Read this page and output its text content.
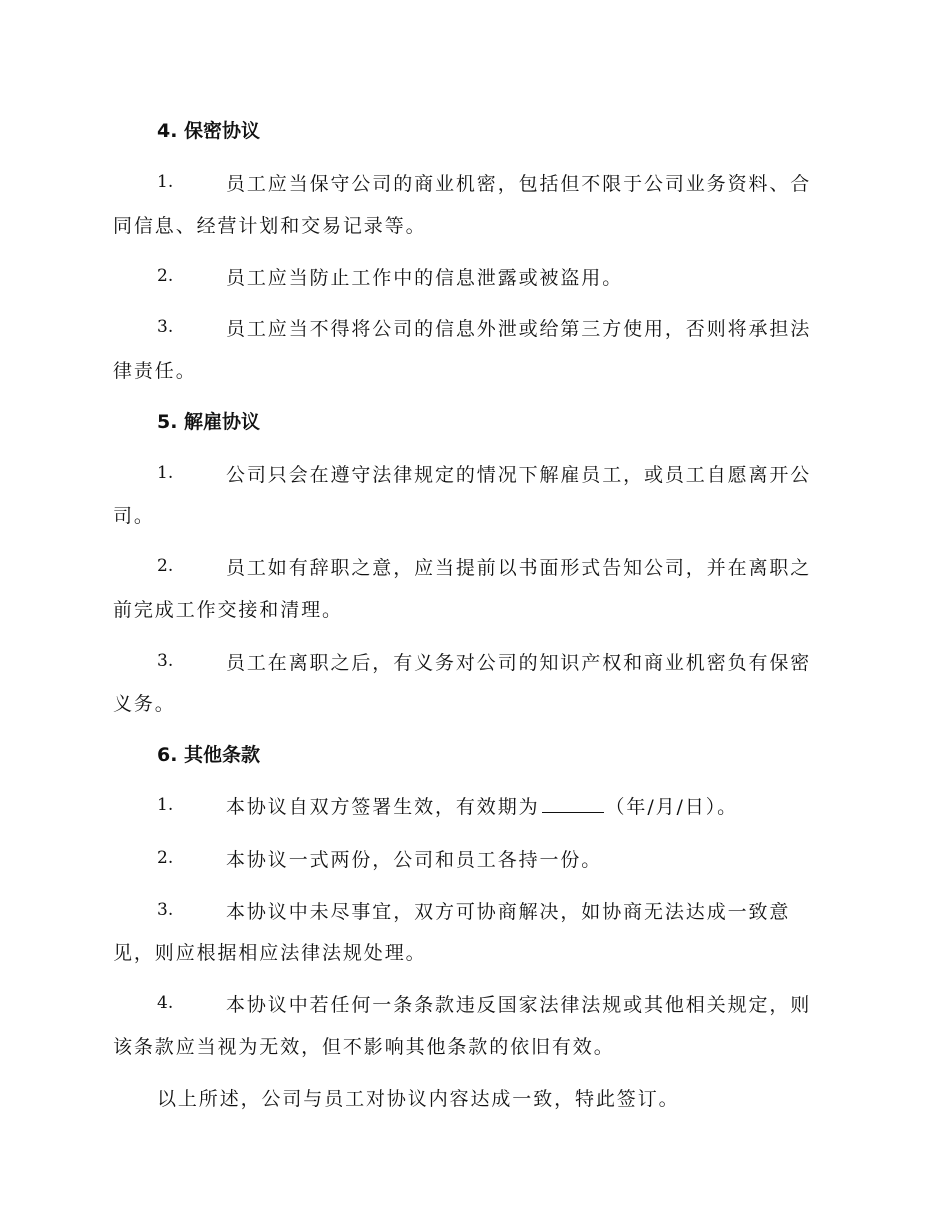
4. 保密协议
1.	员工应当保守公司的商业机密，包括但不限于公司业务资料、合
同信息、经营计划和交易记录等。
2.	员工应当防止工作中的信息泄露或被盗用。
3.	员工应当不得将公司的信息外泄或给第三方使用，否则将承担法
律责任。
5. 解雇协议
1.	公司只会在遵守法律规定的情况下解雇员工，或员工自愿离开公
司。
2.	员工如有辞职之意，应当提前以书面形式告知公司，并在离职之
前完成工作交接和清理。
3.	员工在离职之后，有义务对公司的知识产权和商业机密负有保密
义务。
6. 其他条款
1.	本协议自双方签署生效，有效期为	（年/月/日）。
2.	本协议一式两份，公司和员工各持一份。
3.	本协议中未尽事宜，双方可协商解决，如协商无法达成一致意
见，则应根据相应法律法规处理。
4.	本协议中若任何一条条款违反国家法律法规或其他相关规定，则
该条款应当视为无效，但不影响其他条款的依旧有效。
以上所述，公司与员工对协议内容达成一致，特此签订。
